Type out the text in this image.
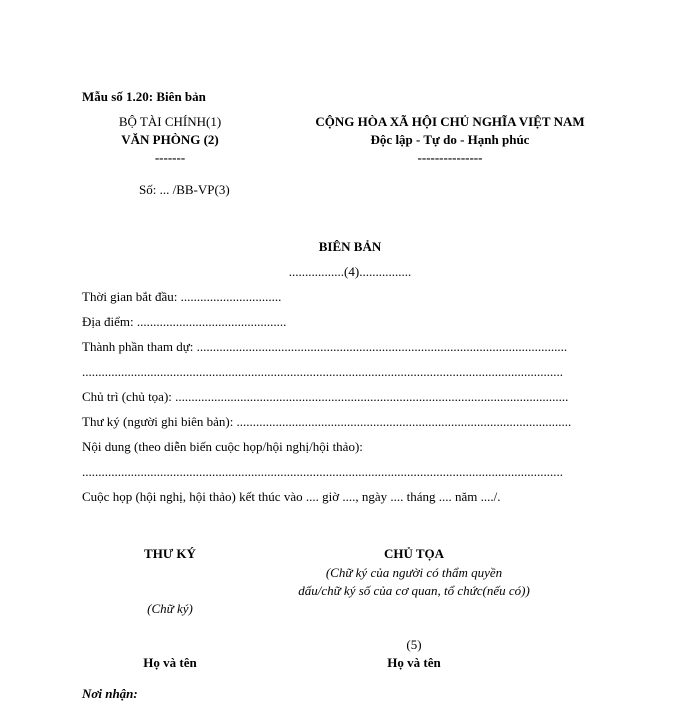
Mẫu số 1.20: Biên bản
BỘ TÀI CHÍNH(1)
VĂN PHÒNG (2)
-------
Số: ... /BB-VP(3)
CỘNG HÒA XÃ HỘI CHỦ NGHĨA VIỆT NAM
Độc lập - Tự do - Hạnh phúc
---------------
BIÊN BẢN
.................(4)................
Thời gian bắt đầu: ...............................
Địa điểm: ..............................................
Thành phần tham dự: ..................................................................................................................
....................................................................................................................................................
Chủ trì (chủ tọa): .........................................................................................................................
Thư ký (người ghi biên bản): .......................................................................................................
Nội dung (theo diễn biến cuộc họp/hội nghị/hội thảo):
....................................................................................................................................................
Cuộc họp (hội nghị, hội thảo) kết thúc vào .... giờ ...., ngày .... tháng .... năm ..../.
THƯ KÝ
(Chữ ký)
Họ và tên
CHỦ TỌA
(Chữ ký của người có thẩm quyền
dấu/chữ ký số của cơ quan, tổ chức(nếu có))
(5)
Họ và tên
Nơi nhận:
